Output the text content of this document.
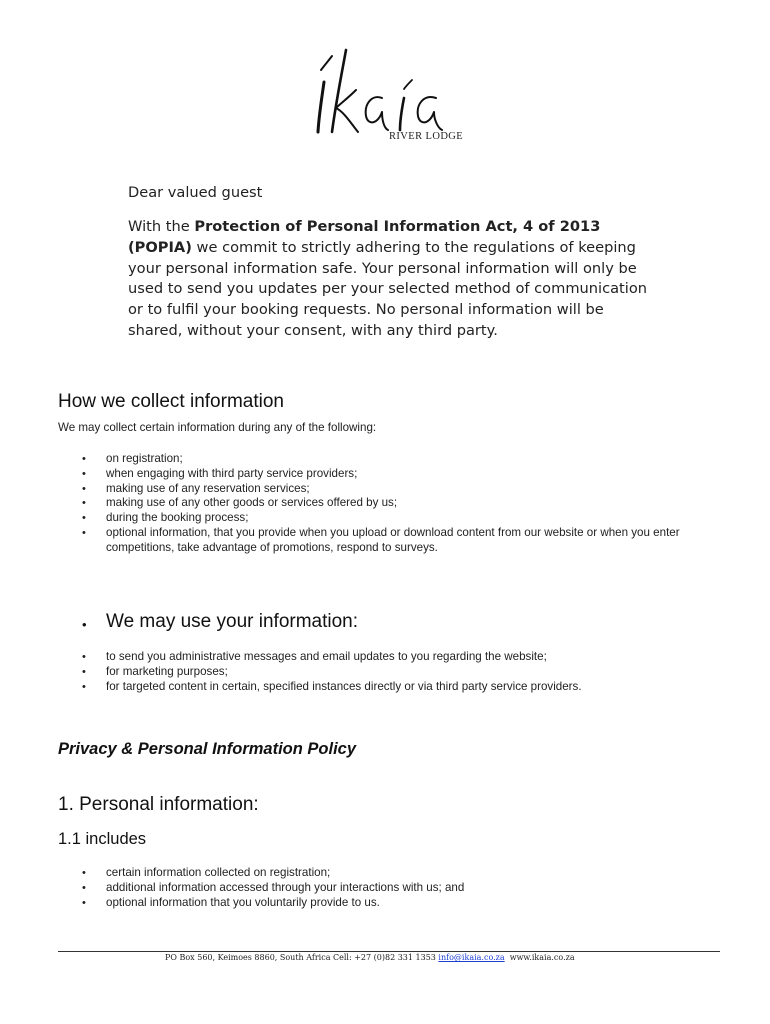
RIVER LODGE
Dear valued guest
With the Protection of Personal Information Act, 4 of 2013 (POPIA) we commit to strictly adhering to the regulations of keeping your personal information safe. Your personal information will only be used to send you updates per your selected method of communication or to fulfil your booking requests. No personal information will be shared, without your consent, with any third party.
How we collect information
We may collect certain information during any of the following:
• on registration;
• when engaging with third party service providers;
• making use of any reservation services;
• making use of any other goods or services offered by us;
• during the booking process;
• optional information, that you provide when you upload or download content from our website or when you enter competitions, take advantage of promotions, respond to surveys.
• We may use your information:
• to send you administrative messages and email updates to you regarding the website;
• for marketing purposes;
• for targeted content in certain, specified instances directly or via third party service providers.
Privacy & Personal Information Policy
1. Personal information:
1.1 includes
• certain information collected on registration;
• additional information accessed through your interactions with us; and
• optional information that you voluntarily provide to us.
PO Box 560, Keimoes 8860, South Africa Cell: +27 (0)82 331 1353 info@ikaia.co.za www.ikaia.co.za
